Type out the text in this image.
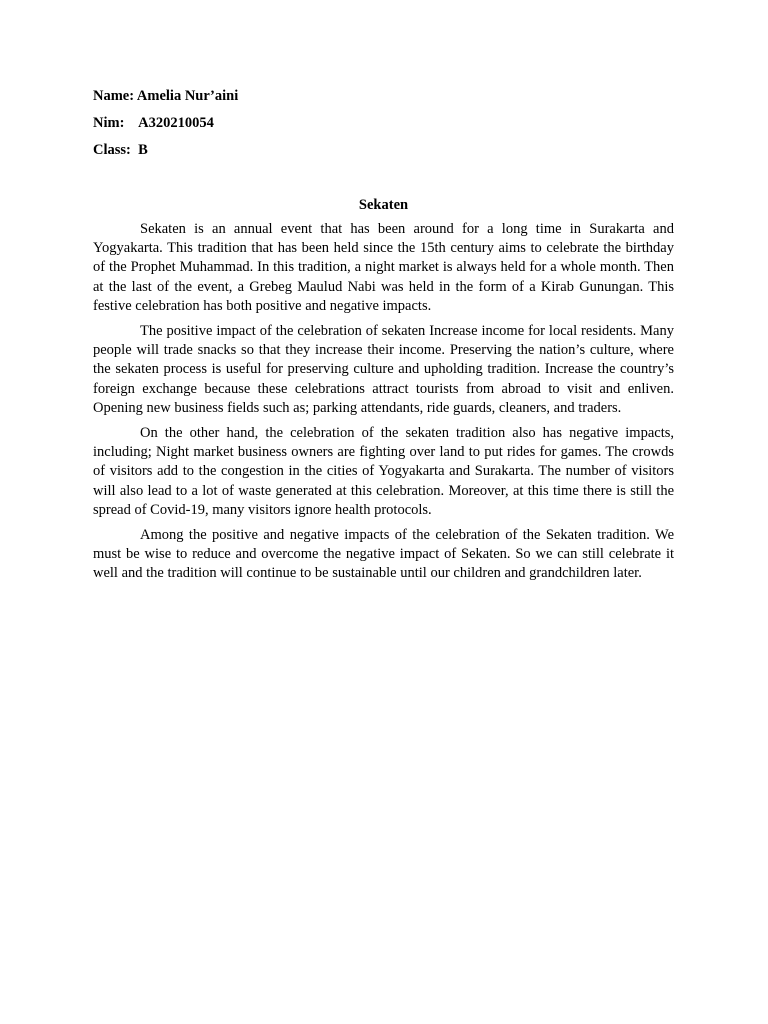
Name: Amelia Nur’aini
Nim: A320210054
Class: B
Sekaten

Sekaten is an annual event that has been around for a long time in Surakarta and Yogyakarta. This tradition that has been held since the 15th century aims to celebrate the birthday of the Prophet Muhammad. In this tradition, a night market is always held for a whole month. Then at the last of the event, a Grebeg Maulud Nabi was held in the form of a Kirab Gunungan. This festive celebration has both positive and negative impacts.

The positive impact of the celebration of sekaten Increase income for local residents. Many people will trade snacks so that they increase their income. Preserving the nation’s culture, where the sekaten process is useful for preserving culture and upholding tradition. Increase the country’s foreign exchange because these celebrations attract tourists from abroad to visit and enliven. Opening new business fields such as; parking attendants, ride guards, cleaners, and traders.

On the other hand, the celebration of the sekaten tradition also has negative impacts, including; Night market business owners are fighting over land to put rides for games. The crowds of visitors add to the congestion in the cities of Yogyakarta and Surakarta. The number of visitors will also lead to a lot of waste generated at this celebration. Moreover, at this time there is still the spread of Covid-19, many visitors ignore health protocols.

Among the positive and negative impacts of the celebration of the Sekaten tradition. We must be wise to reduce and overcome the negative impact of Sekaten. So we can still celebrate it well and the tradition will continue to be sustainable until our children and grandchildren later.
